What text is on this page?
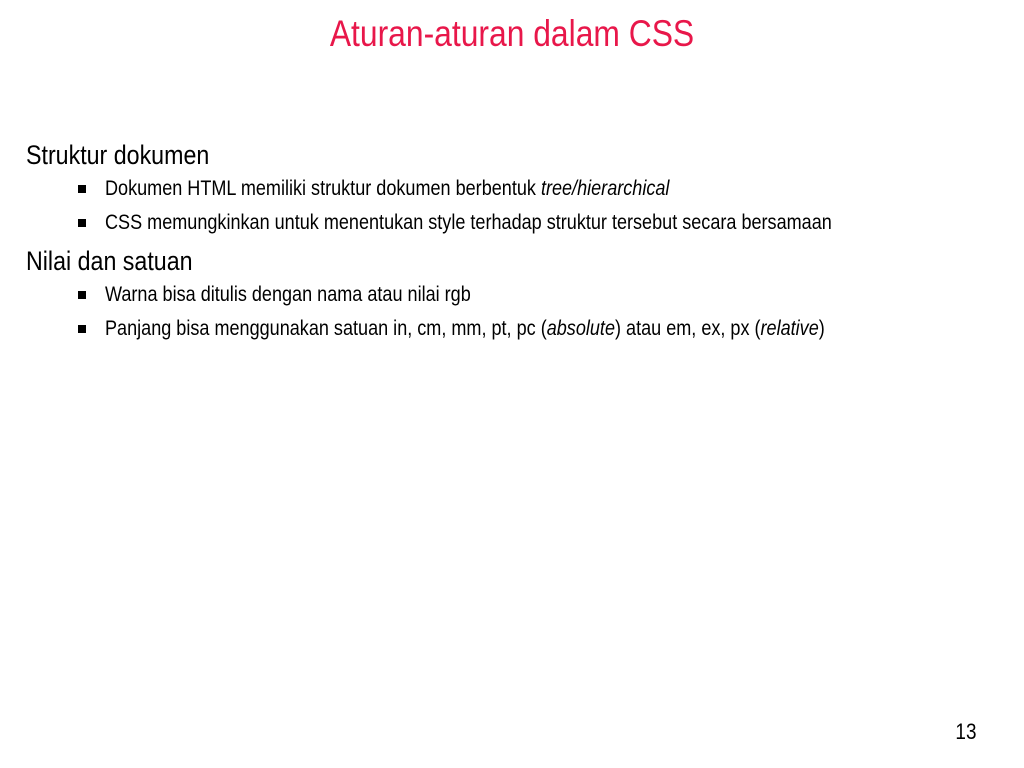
Aturan-aturan dalam CSS
Struktur dokumen
Dokumen HTML memiliki struktur dokumen berbentuk tree/hierarchical
CSS memungkinkan untuk menentukan style terhadap struktur tersebut secara bersamaan
Nilai dan satuan
Warna bisa ditulis dengan nama atau nilai rgb
Panjang bisa menggunakan satuan in, cm, mm, pt, pc (absolute) atau em, ex, px (relative)
13
